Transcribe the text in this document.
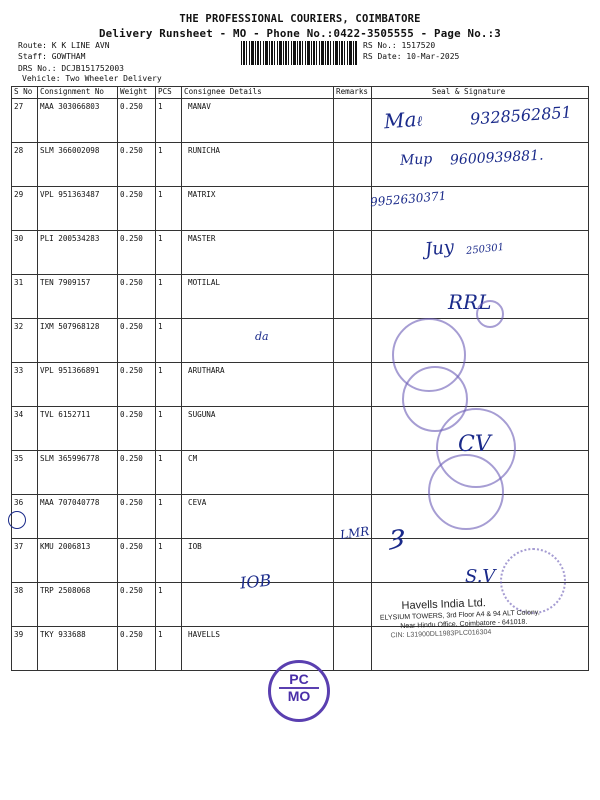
THE PROFESSIONAL COURIERS, COIMBATORE
Delivery Runsheet - MO - Phone No.:0422-3505555 - Page No.:3
Route: K K LINE AVN
Staff: GOWTHAM
DRS No.: DCJB151752003
Vehicle: Two Wheeler Delivery
RS No.: 1517520
RS Date: 10-Mar-2025
S No	Consignment No	Weight	PCS	Consignee Details	Remarks	Seal & Signature
27	MAA 303066803	0.250	1	MANAV		
28	SLM 366002098	0.250	1	RUNICHA		
29	VPL 951363487	0.250	1	MATRIX		
30	PLI 200534283	0.250	1	MASTER		
31	TEN 7909157	0.250	1	MOTILAL		
32	IXM 507968128	0.250	1			
33	VPL 951366891	0.250	1	ARUTHARA		
34	TVL 6152711	0.250	1	SUGUNA		
35	SLM 365996778	0.250	1	CM		
36	MAA 707040778	0.250	1	CEVA		
37	KMU 2006813	0.250	1	IOB		
38	TRP 2508068	0.250	1			
39	TKY 933688	0.250	1	HAVELLS		
Maℓ	9328562851
Mup 9600939881.
9952630371
Juy 250301
RRL
da
CV
LMR ȝ
IOB	S.V
Havells India Ltd.
ELYSIUM TOWERS, 3rd Floor A4 & 94 ALT Colony,
Near Hindu Office, Coimbatore - 641018.
CIN: L31900DL1983PLC016304
PC
MO
